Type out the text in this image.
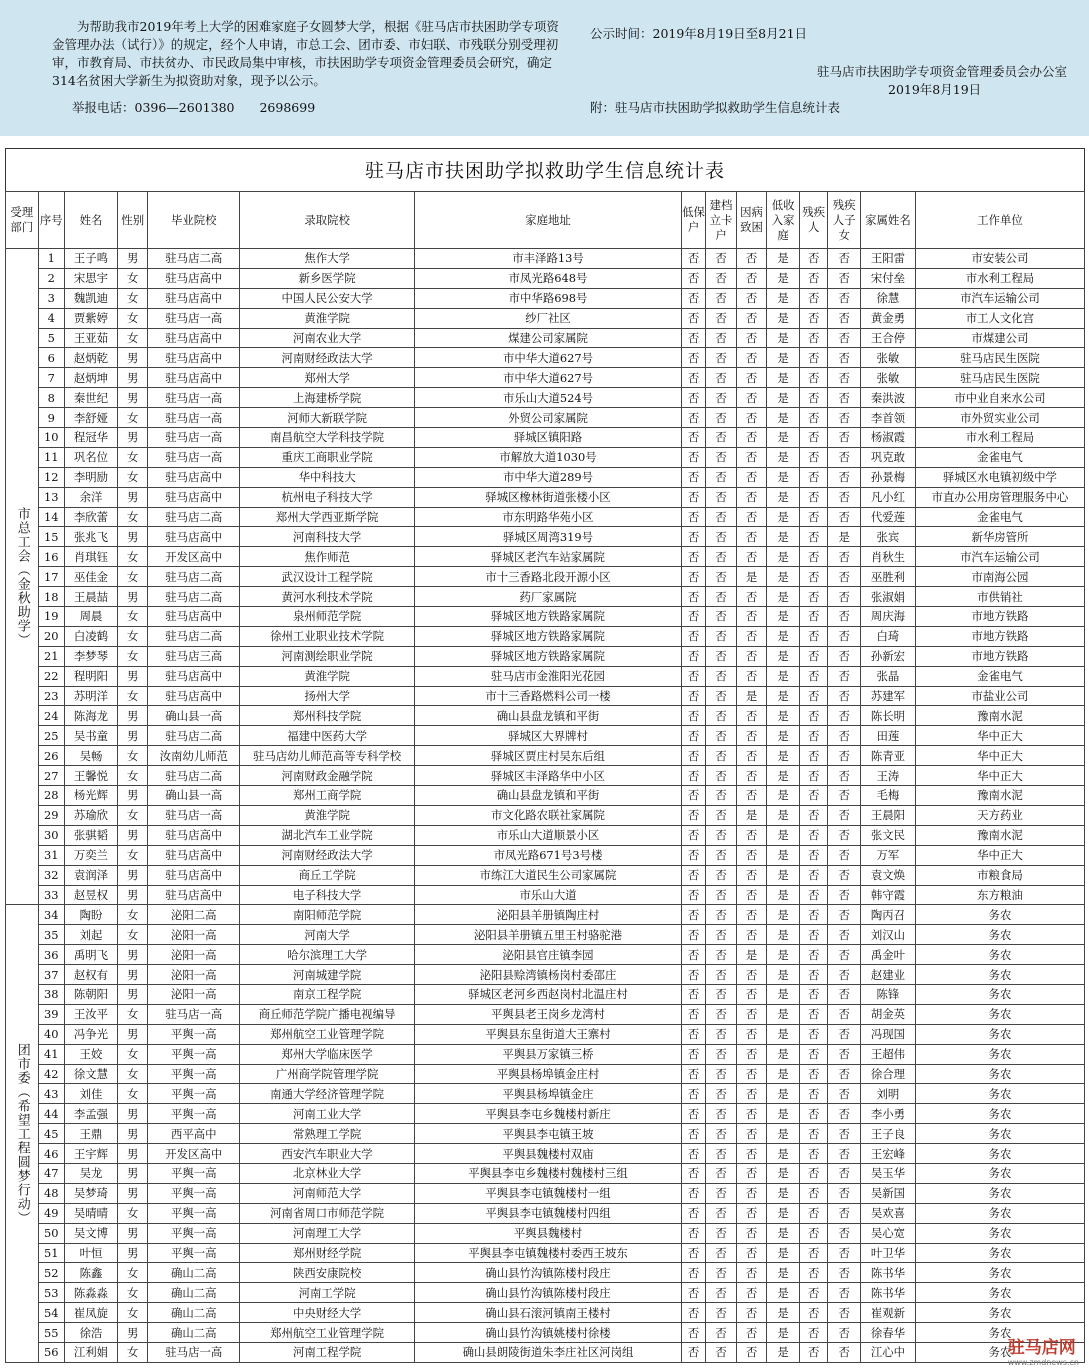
为帮助我市2019年考上大学的困难家庭子女圆梦大学，根据《驻马店市扶困助学专项资金管理办法（试行）》的规定，经个人申请，市总工会、团市委、市妇联、市残联分别受理初审，市教育局、市扶贫办、市民政局集中审核，市扶困助学专项资金管理委员会研究，确定314名贫困大学新生为拟资助对象，现予以公示。
举报电话：0396—2601380　　2698699
公示时间：2019年8月19日至8月21日
驻马店市扶困助学专项资金管理委员会办公室
2019年8月19日
附：驻马店市扶困助学拟救助学生信息统计表
驻马店市扶困助学拟救助学生信息统计表
受理部门	序号	姓名	性别	毕业院校	录取院校	家庭地址	低保户	建档立卡户	因病致困	低收入家庭	残疾人	残疾人子女	家属姓名	工作单位
市总工会（金秋助学）	1	王子鸣	男	驻马店二高	焦作大学	市丰泽路13号	否	否	否	是	否	否	王阳雷	市安装公司
	2	宋思宇	女	驻马店高中	新乡医学院	市凤光路648号	否	否	否	是	否	否	宋付垒	市水利工程局
	3	魏凯迪	女	驻马店高中	中国人民公安大学	市中华路698号	否	否	否	是	否	否	徐慧	市汽车运输公司
	4	贾紫婷	女	驻马店一高	黄淮学院	纱厂社区	否	否	否	是	否	否	黄金勇	市工人文化宫
	5	王亚茹	女	驻马店高中	河南农业大学	煤建公司家属院	否	否	否	是	否	否	王合停	市煤建公司
	6	赵炳乾	男	驻马店高中	河南财经政法大学	市中华大道627号	否	否	否	是	否	否	张敏	驻马店民生医院
	7	赵炳坤	男	驻马店高中	郑州大学	市中华大道627号	否	否	否	是	否	否	张敏	驻马店民生医院
	8	秦世纪	男	驻马店一高	上海建桥学院	市乐山大道524号	否	否	否	是	否	否	秦洪波	市中业自来水公司
	9	李舒娅	女	驻马店一高	河师大新联学院	外贸公司家属院	否	否	否	是	否	否	李首领	市外贸实业公司
	10	程冠华	男	驻马店一高	南昌航空大学科技学院	驿城区镇阳路	否	否	否	是	否	否	杨淑霞	市水利工程局
	11	巩名位	女	驻马店一高	重庆工商职业学院	市解放大道1030号	否	否	否	是	否	否	巩克敢	金雀电气
	12	李明励	女	驻马店高中	华中科技大	市中华大道289号	否	否	否	是	否	否	孙景梅	驿城区水电镇初级中学
	13	余洋	男	驻马店高中	杭州电子科技大学	驿城区橡林街道张楼小区	否	否	否	是	否	否	凡小红	市直办公用房管理服务中心
	14	李欣蕾	女	驻马店二高	郑州大学西亚斯学院	市东明路华苑小区	否	否	否	是	否	否	代爱莲	金雀电气
	15	张兆飞	男	驻马店高中	河南科技大学	驿城区周湾319号	否	否	否	是	否	是	张宾	新华房管所
	16	肖琪钰	女	开发区高中	焦作师范	驿城区老汽车站家属院	否	否	否	是	否	否	肖秋生	市汽车运输公司
	17	巫佳金	女	驻马店二高	武汉设计工程学院	市十三香路北段开源小区	否	否	是	是	否	否	巫胜利	市南海公园
	18	王晨喆	男	驻马店二高	黄河水利技术学院	药厂家属院	否	否	否	是	否	否	张淑娟	市供销社
	19	周晨	女	驻马店高中	泉州师范学院	驿城区地方铁路家属院	否	否	否	是	否	否	周庆海	市地方铁路
	20	白凌鹤	女	驻马店二高	徐州工业职业技术学院	驿城区地方铁路家属院	否	否	否	是	否	否	白琦	市地方铁路
	21	李梦琴	女	驻马店三高	河南测绘职业学院	驿城区地方铁路家属院	否	否	否	是	否	否	孙新宏	市地方铁路
	22	程明阳	男	驻马店高中	黄淮学院	驻马店市金淮阳光花园	否	否	否	是	否	否	张晶	金雀电气
	23	苏明洋	女	驻马店高中	扬州大学	市十三香路燃料公司一楼	否	否	是	是	否	否	苏建军	市盐业公司
	24	陈海龙	男	确山县一高	郑州科技学院	确山县盘龙镇和平街	否	否	否	是	否	否	陈长明	豫南水泥
	25	吴书童	男	驻马店二高	福建中医药大学	驿城区大界牌村	否	否	否	是	否	否	田莲	华中正大
	26	吴畅	女	汝南幼儿师范	驻马店幼儿师范高等专科学校	驿城区贾庄村吴东后组	否	否	否	是	否	否	陈青亚	华中正大
	27	王馨悦	女	驻马店二高	河南财政金融学院	驿城区丰泽路华中小区	否	否	否	是	否	否	王涛	华中正大
	28	杨光辉	男	确山县一高	郑州工商学院	确山县盘龙镇和平街	否	否	否	是	否	否	毛梅	豫南水泥
	29	苏瑜欣	女	驻马店一高	黄淮学院	市文化路农联社家属院	否	否	是	是	否	否	王晨阳	天方药业
	30	张骐韬	男	驻马店高中	湖北汽车工业学院	市乐山大道顺景小区	否	否	否	是	否	否	张文民	豫南水泥
	31	万奕兰	女	驻马店高中	河南财经政法大学	市凤光路671号3号楼	否	否	否	是	否	否	万军	华中正大
	32	袁润泽	男	驻马店高中	商丘工学院	市练江大道民生公司家属院	否	否	否	是	否	否	袁文焕	市粮食局
	33	赵昱权	男	驻马店高中	电子科技大学	市乐山大道	否	否	否	是	否	否	韩守霞	东方粮油
团市委（希望工程圆梦行动）	34	陶盼	女	泌阳二高	南阳师范学院	泌阳县羊册镇陶庄村	否	否	否	是	否	否	陶丙召	务农
	35	刘起	女	泌阳一高	河南大学	泌阳县羊册镇五里王村骆驼港	否	否	否	是	否	否	刘汉山	务农
	36	禹明飞	男	泌阳一高	哈尔滨理工大学	泌阳县官庄镇李园	否	否	是	是	否	否	禹金叶	务农
	37	赵权有	男	泌阳一高	河南城建学院	泌阳县赊湾镇杨岗村委邵庄	否	否	否	是	否	否	赵建业	务农
	38	陈朝阳	男	泌阳一高	南京工程学院	驿城区老河乡西赵岗村北温庄村	否	否	否	是	否	否	陈锋	务农
	39	王汝平	女	驻马店一高	商丘师范学院广播电视编导	平舆县老王岗乡龙湾村	否	否	否	是	否	否	胡金英	务农
	40	冯争光	男	平舆一高	郑州航空工业管理学院	平舆县东皇街道大王寨村	否	否	否	是	否	否	冯现国	务农
	41	王姣	女	平舆一高	郑州大学临床医学	平舆县万家镇三桥	否	否	否	是	否	否	王超伟	务农
	42	徐文慧	女	平舆一高	广州商学院管理学院	平舆县杨埠镇金庄村	否	否	否	是	否	否	徐合理	务农
	43	刘佳	女	平舆一高	南通大学经济管理学院	平舆县杨埠镇金庄	否	否	否	是	否	否	刘明	务农
	44	李孟强	男	平舆一高	河南工业大学	平舆县李屯乡魏楼村新庄	否	否	否	是	否	否	李小勇	务农
	45	王鼎	男	西平高中	常熟理工学院	平舆县李屯镇王坡	否	否	否	是	否	否	王子良	务农
	46	王宇辉	男	开发区高中	西安汽车职业大学	平舆县魏楼村双庙	否	否	否	是	否	否	王宏峰	务农
	47	吴龙	男	平舆一高	北京林业大学	平舆县李屯乡魏楼村魏楼村三组	否	否	否	是	否	否	吴玉华	务农
	48	吴梦琦	男	平舆一高	河南师范大学	平舆县李屯镇魏楼村一组	否	否	否	是	否	否	吴新国	务农
	49	吴晴晴	女	平舆一高	河南省周口市师范学院	平舆县李屯镇魏楼村四组	否	否	否	是	否	否	吴欢喜	务农
	50	吴文博	男	平舆一高	河南理工大学	平舆县魏楼村	否	否	否	是	否	否	吴心宽	务农
	51	叶恒	男	平舆一高	郑州财经学院	平舆县李屯镇魏楼村委西王坡东	否	否	否	是	否	否	叶卫华	务农
	52	陈鑫	女	确山二高	陕西安康院校	确山县竹沟镇陈楼村段庄	否	否	否	是	否	否	陈书华	务农
	53	陈淼淼	女	确山二高	河南工学院	确山县竹沟镇陈楼村段庄	否	否	否	是	否	否	陈书华	务农
	54	崔凤旋	女	确山二高	中央财经大学	确山县石滚河镇南王楼村	否	否	否	是	否	否	崔观新	务农
	55	徐浩	男	确山二高	郑州航空工业管理学院	确山县竹沟镇姚楼村徐楼	否	否	否	是	否	否	徐春华	务农
	56	江利娟	女	驻马店一高	河南工程学院	确山县朗陵街道朱李庄社区河岗组	否	否	否	是	否	否	江心中	务农
驻马店网
www.zmdnews.cn
